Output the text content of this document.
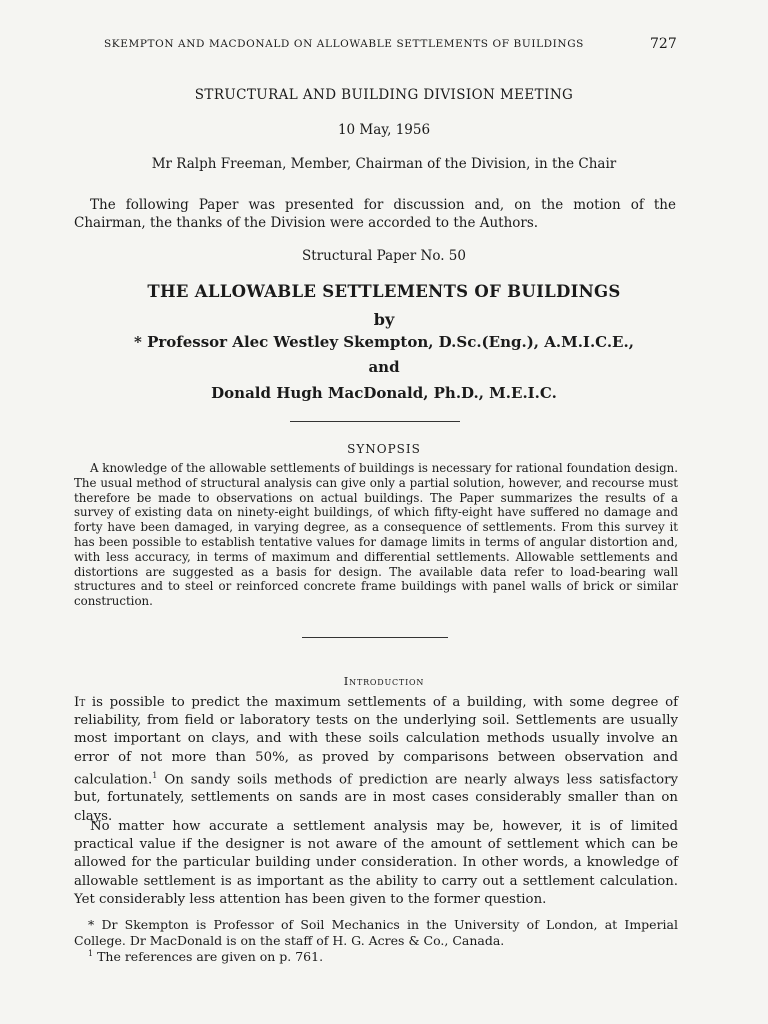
SKEMPTON AND MACDONALD ON ALLOWABLE SETTLEMENTS OF BUILDINGS	727
STRUCTURAL AND BUILDING DIVISION MEETING
10 May, 1956
Mr Ralph Freeman, Member, Chairman of the Division, in the Chair
The following Paper was presented for discussion and, on the motion of the Chairman, the thanks of the Division were accorded to the Authors.
Structural Paper No. 50
THE ALLOWABLE SETTLEMENTS OF BUILDINGS
by
* Professor Alec Westley Skempton, D.Sc.(Eng.), A.M.I.C.E.,
and
Donald Hugh MacDonald, Ph.D., M.E.I.C.
SYNOPSIS
A knowledge of the allowable settlements of buildings is necessary for rational foundation design. The usual method of structural analysis can give only a partial solution, however, and recourse must therefore be made to observations on actual buildings. The Paper summarizes the results of a survey of existing data on ninety-eight buildings, of which fifty-eight have suffered no damage and forty have been damaged, in varying degree, as a consequence of settlements. From this survey it has been possible to establish tentative values for damage limits in terms of angular distortion and, with less accuracy, in terms of maximum and differential settlements. Allowable settlements and distortions are suggested as a basis for design. The available data refer to load-bearing wall structures and to steel or reinforced concrete frame buildings with panel walls of brick or similar construction.
Introduction
It is possible to predict the maximum settlements of a building, with some degree of reliability, from field or laboratory tests on the underlying soil. Settlements are usually most important on clays, and with these soils calculation methods usually involve an error of not more than 50%, as proved by comparisons between observation and calculation.$^1$ On sandy soils methods of prediction are nearly always less satisfactory but, fortunately, settlements on sands are in most cases considerably smaller than on clays.
No matter how accurate a settlement analysis may be, however, it is of limited practical value if the designer is not aware of the amount of settlement which can be allowed for the particular building under consideration. In other words, a knowledge of allowable settlement is as important as the ability to carry out a settlement calculation. Yet considerably less attention has been given to the former question.
* Dr Skempton is Professor of Soil Mechanics in the University of London, at Imperial College. Dr MacDonald is on the staff of H. G. Acres & Co., Canada.
$^1$ The references are given on p. 761.
